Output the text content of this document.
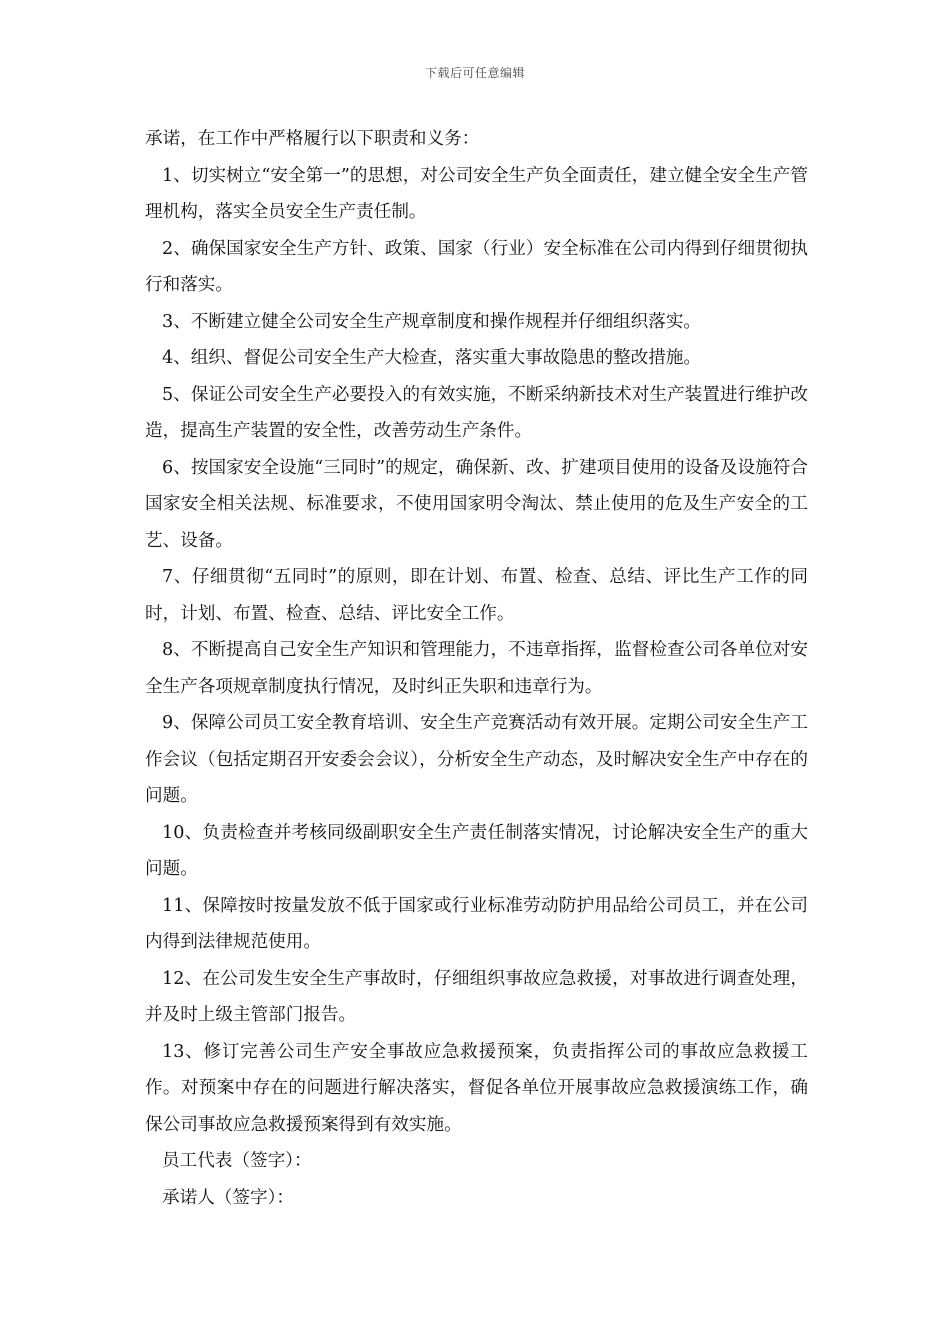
下载后可任意编辑

承诺，在工作中严格履行以下职责和义务：

1、切实树立“安全第一”的思想，对公司安全生产负全面责任，建立健全安全生产管理机构，落实全员安全生产责任制。

2、确保国家安全生产方针、政策、国家（行业）安全标准在公司内得到仔细贯彻执行和落实。

3、不断建立健全公司安全生产规章制度和操作规程并仔细组织落实。

4、组织、督促公司安全生产大检查，落实重大事故隐患的整改措施。

5、保证公司安全生产必要投入的有效实施，不断采纳新技术对生产装置进行维护改造，提高生产装置的安全性，改善劳动生产条件。

6、按国家安全设施“三同时”的规定，确保新、改、扩建项目使用的设备及设施符合国家安全相关法规、标准要求，不使用国家明令淘汰、禁止使用的危及生产安全的工艺、设备。

7、仔细贯彻“五同时”的原则，即在计划、布置、检查、总结、评比生产工作的同时，计划、布置、检查、总结、评比安全工作。

8、不断提高自己安全生产知识和管理能力，不违章指挥，监督检查公司各单位对安全生产各项规章制度执行情况，及时纠正失职和违章行为。

9、保障公司员工安全教育培训、安全生产竞赛活动有效开展。定期公司安全生产工作会议（包括定期召开安委会会议），分析安全生产动态，及时解决安全生产中存在的问题。

10、负责检查并考核同级副职安全生产责任制落实情况，讨论解决安全生产的重大问题。

11、保障按时按量发放不低于国家或行业标准劳动防护用品给公司员工，并在公司内得到法律规范使用。

12、在公司发生安全生产事故时，仔细组织事故应急救援，对事故进行调查处理，并及时上级主管部门报告。

13、修订完善公司生产安全事故应急救援预案，负责指挥公司的事故应急救援工作。对预案中存在的问题进行解决落实，督促各单位开展事故应急救援演练工作，确保公司事故应急救援预案得到有效实施。

员工代表（签字）：

承诺人（签字）：
